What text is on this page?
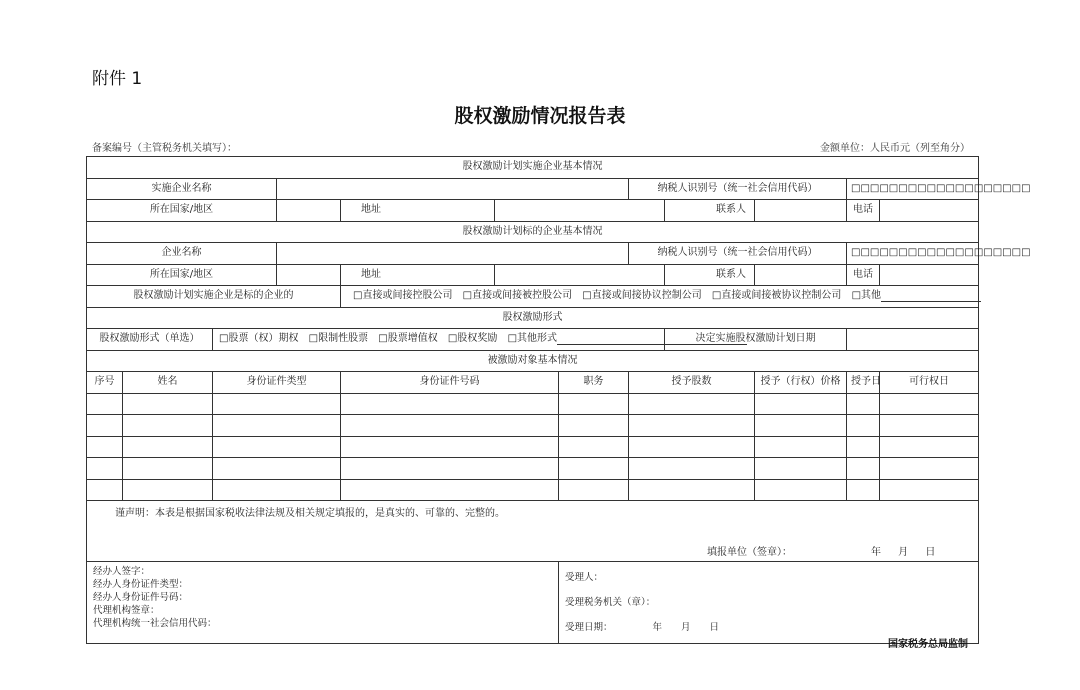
附件 1
股权激励情况报告表
备案编号（主管税务机关填写）：	金额单位：人民币元（列至角分）
股权激励计划实施企业基本情况											
实施企业名称							纳税人识别号（统一社会信用代码）			□□□□□□□□□□□□□□□□□□□	
所在国家/地区				地址				联系人		电话	
股权激励计划标的企业基本情况											
企业名称							纳税人识别号（统一社会信用代码）			□□□□□□□□□□□□□□□□□□□	
所在国家/地区				地址				联系人		电话	
股权激励计划实施企业是标的企业的				□直接或间接控股公司 □直接或间接被控股公司 □直接或间接协议控制公司 □直接或间接被协议控制公司 □其他							
股权激励形式											
股权激励形式（单选）		□股票（权）期权 □限制性股票 □股票增值权 □股权奖励 □其他形式						决定实施股权激励计划日期			
被激励对象基本情况											
序号	姓名	身份证件类型		身份证件号码		职务	授予股数		授予（行权）价格	授予日	可行权日

谨声明：本表是根据国家税收法律法规及相关规定填报的，是真实的、可靠的、完整的。
填报单位（签章）： 年 月 日											

经办人签字：
经办人身份证件类型：
经办人身份证件号码：
代理机构签章：
代理机构统一社会信用代码：						受理人：
受理税务机关（章）：
受理日期： 年　　月　　日					
国家税务总局监制
